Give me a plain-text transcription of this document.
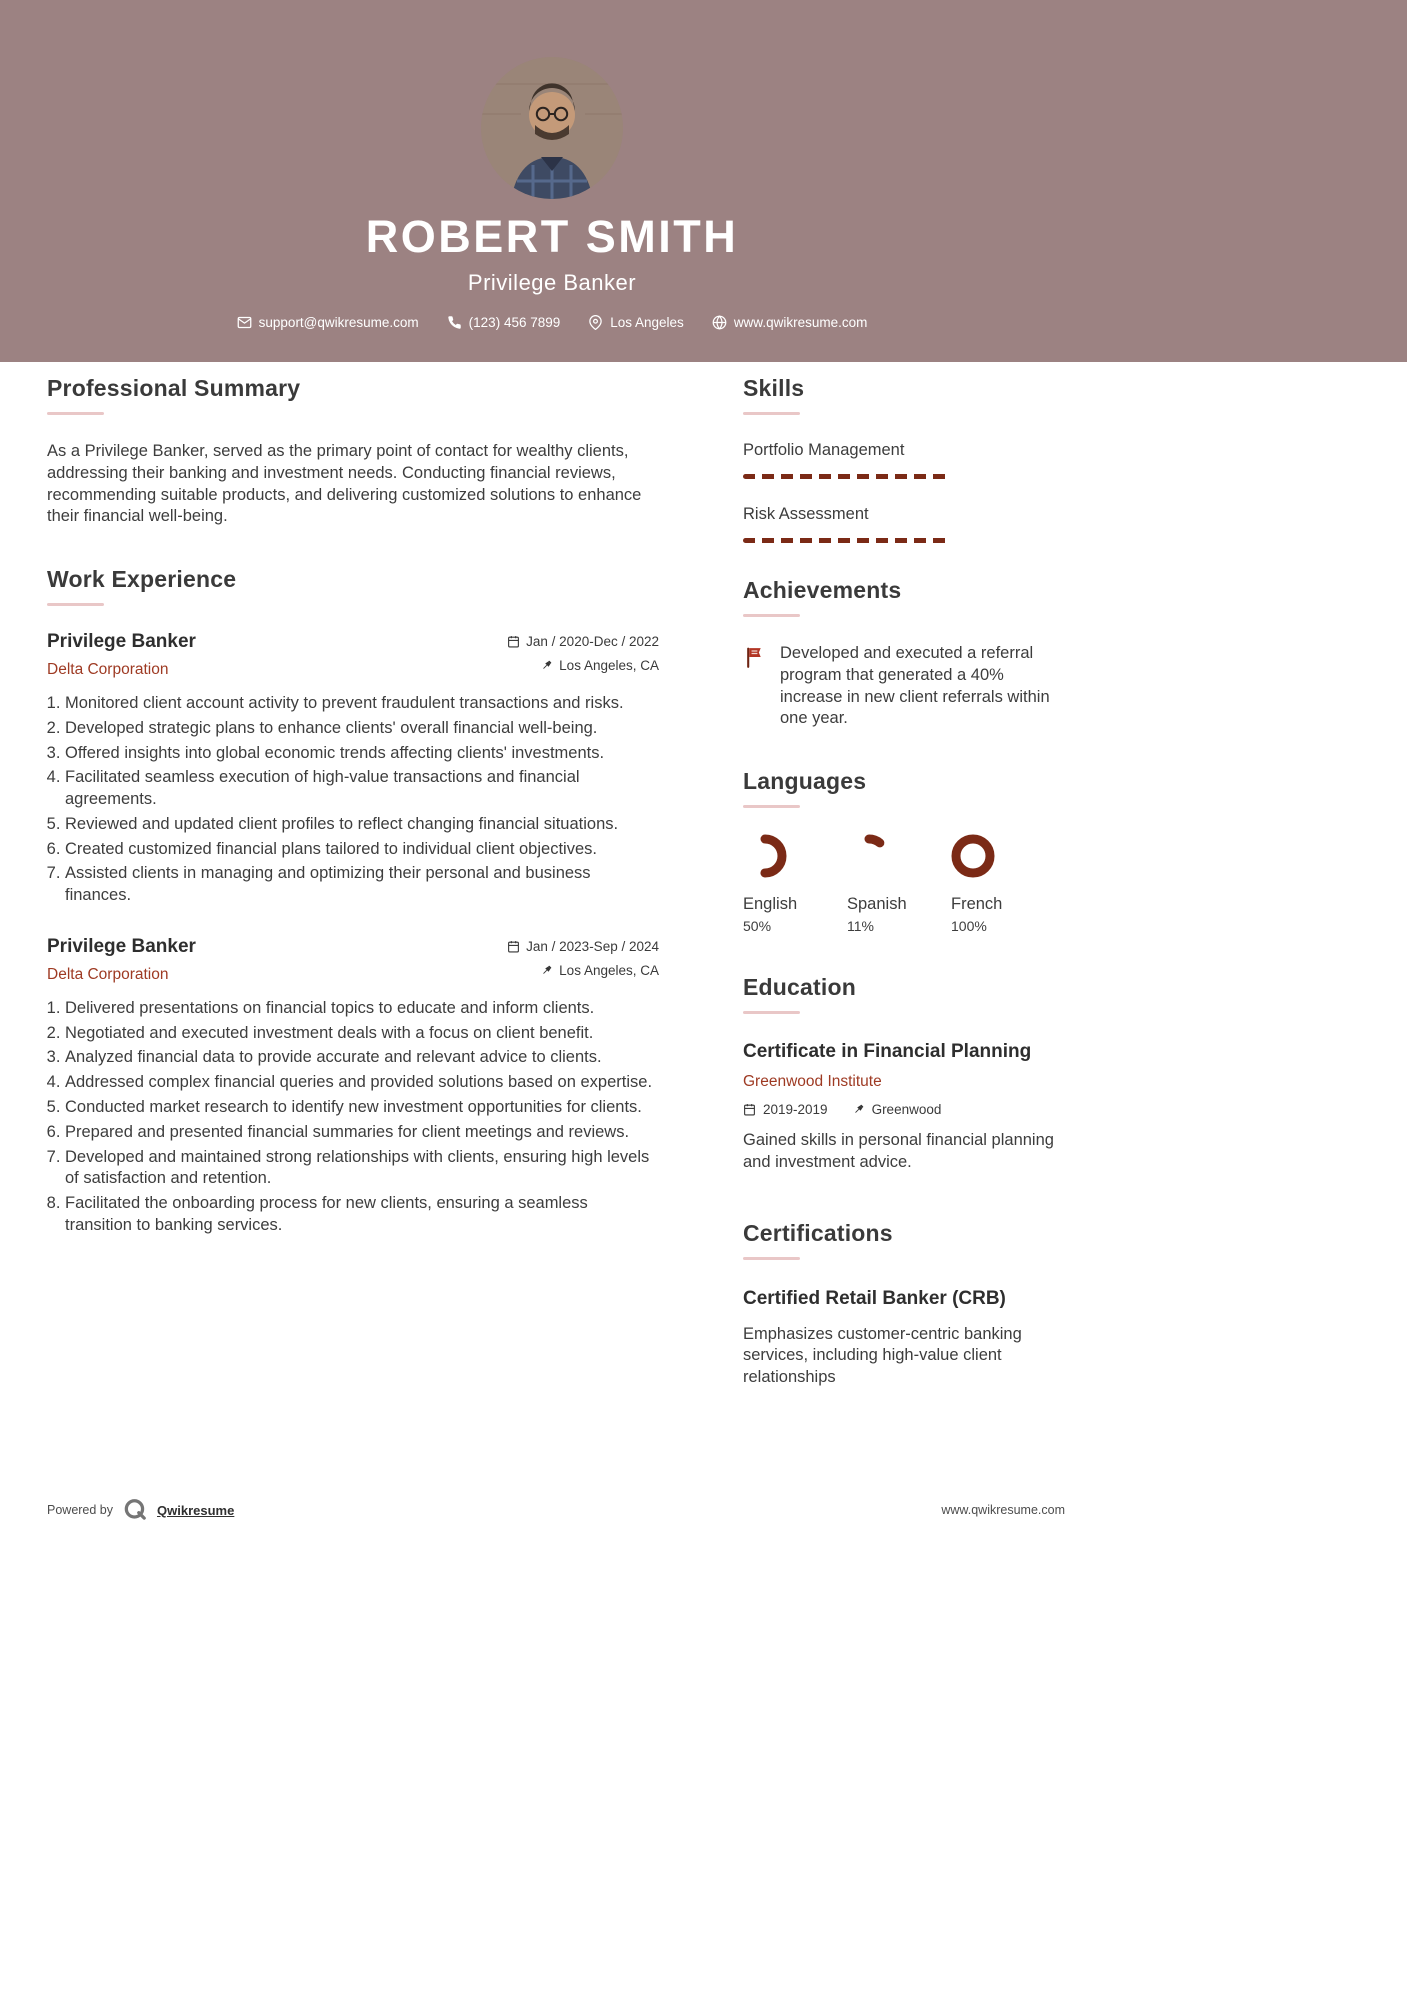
ROBERT SMITH
Privilege Banker
support@qwikresume.com	(123) 456 7899	Los Angeles	www.qwikresume.com
Professional Summary

As a Privilege Banker, served as the primary point of contact for wealthy clients, addressing their banking and investment needs. Conducting financial reviews, recommending suitable products, and delivering customized solutions to enhance their financial well-being.

Work Experience
Privilege Banker
Delta Corporation
Jan / 2020-Dec / 2022
Los Angeles, CA
1. Monitored client account activity to prevent fraudulent transactions and risks.
2. Developed strategic plans to enhance clients' overall financial well-being.
3. Offered insights into global economic trends affecting clients' investments.
4. Facilitated seamless execution of high-value transactions and financial agreements.
5. Reviewed and updated client profiles to reflect changing financial situations.
6. Created customized financial plans tailored to individual client objectives.
7. Assisted clients in managing and optimizing their personal and business finances.
Privilege Banker
Delta Corporation
Jan / 2023-Sep / 2024
Los Angeles, CA
1. Delivered presentations on financial topics to educate and inform clients.
2. Negotiated and executed investment deals with a focus on client benefit.
3. Analyzed financial data to provide accurate and relevant advice to clients.
4. Addressed complex financial queries and provided solutions based on expertise.
5. Conducted market research to identify new investment opportunities for clients.
6. Prepared and presented financial summaries for client meetings and reviews.
7. Developed and maintained strong relationships with clients, ensuring high levels of satisfaction and retention.
8. Facilitated the onboarding process for new clients, ensuring a seamless transition to banking services.
Skills
Portfolio Management
Risk Assessment
Achievements
Developed and executed a referral program that generated a 40% increase in new client referrals within one year.
Languages
English
50%
Spanish
11%
French
100%
Education
Certificate in Financial Planning
Greenwood Institute
2019-2019	Greenwood
Gained skills in personal financial planning and investment advice.
Certifications
Certified Retail Banker (CRB)
Emphasizes customer-centric banking services, including high-value client relationships
Powered by	Qwikresume	www.qwikresume.com
